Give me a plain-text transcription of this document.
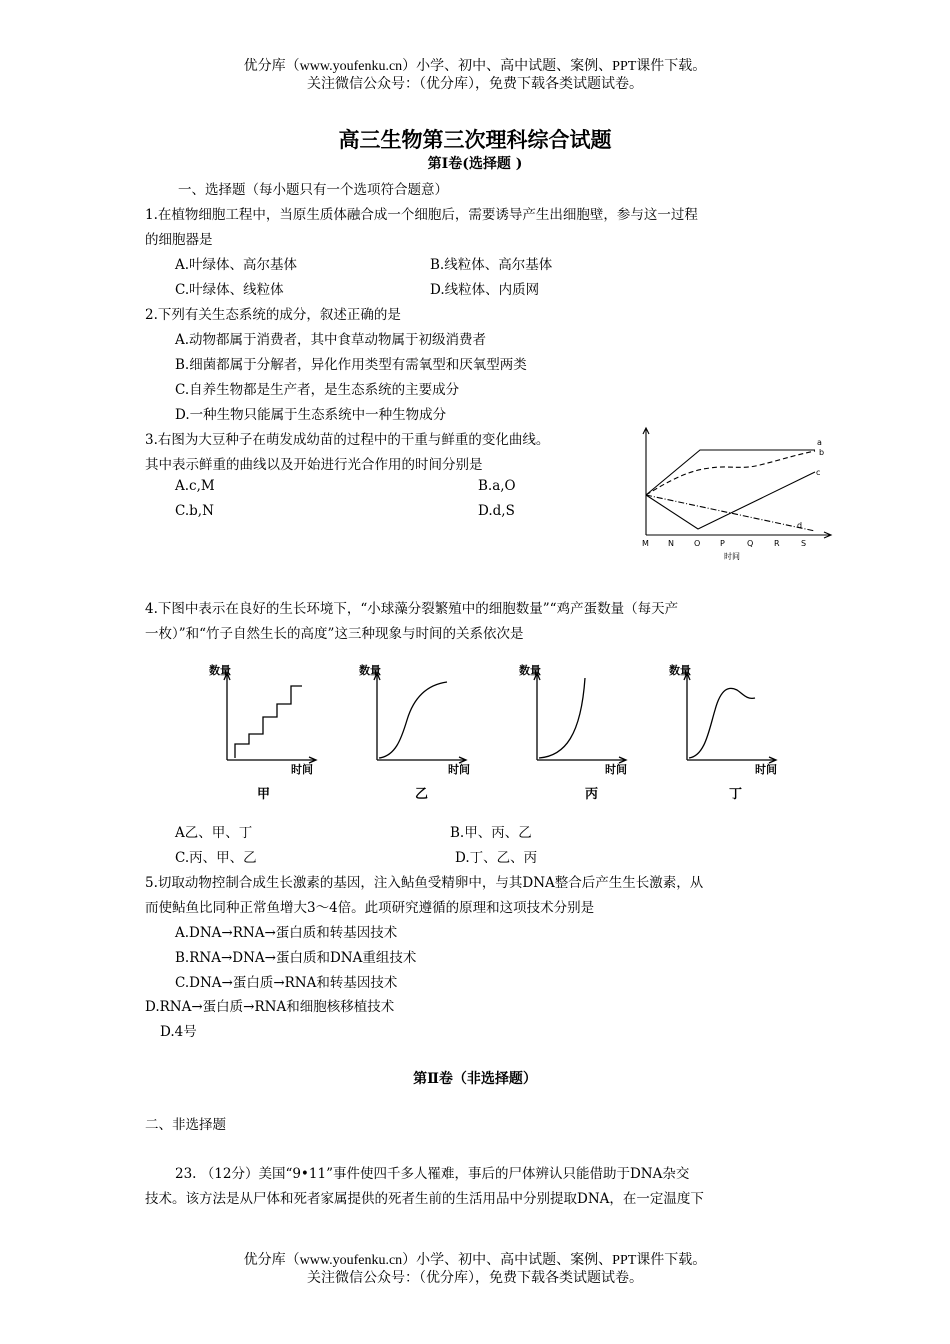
优分库（www.youfenku.cn）小学、初中、高中试题、案例、PPT课件下载。
关注微信公众号：（优分库），免费下载各类试题试卷。
高三生物第三次理科综合试题
第Ⅰ卷(选择题 )
一、选择题（每小题只有一个选项符合题意）
1.在植物细胞工程中，当原生质体融合成一个细胞后，需要诱导产生出细胞壁，参与这一过程
的细胞器是
A.叶绿体、高尔基体	B.线粒体、高尔基体
C.叶绿体、线粒体	D.线粒体、内质网
2.下列有关生态系统的成分，叙述正确的是
A.动物都属于消费者，其中食草动物属于初级消费者
B.细菌都属于分解者，异化作用类型有需氧型和厌氧型两类
C.自养生物都是生产者，是生态系统的主要成分
D.一种生物只能属于生态系统中一种生物成分
3.右图为大豆种子在萌发成幼苗的过程中的干重与鲜重的变化曲线。
其中表示鲜重的曲线以及开始进行光合作用的时间分别是
A.c,M	B.a,O
C.b,N	D.d,S
a
b
c
d
M N	O P	Q	R	S
时间
4.下图中表示在良好的生长环境下，“小球藻分裂繁殖中的细胞数量”“鸡产蛋数量（每天产
一枚）”和“竹子自然生长的高度”这三种现象与时间的关系依次是
数量
时间
甲
数量
时间
乙
数量
时间
丙
数量
时间
丁
A乙、甲、丁	B.甲、丙、乙
C.丙、甲、乙	D.丁、乙、丙
5.切取动物控制合成生长激素的基因，注入鲇鱼受精卵中，与其DNA整合后产生生长激素，从
而使鲇鱼比同种正常鱼增大3～4倍。此项研究遵循的原理和这项技术分别是
A.DNA→RNA→蛋白质和转基因技术
B.RNA→DNA→蛋白质和DNA重组技术
C.DNA→蛋白质→RNA和转基因技术
D.RNA→蛋白质→RNA和细胞核移植技术
D.4号
第Ⅱ卷（非选择题）
二、非选择题
23. （12分）美国“9•11”事件使四千多人罹难，事后的尸体辨认只能借助于DNA杂交
技术。该方法是从尸体和死者家属提供的死者生前的生活用品中分别提取DNA，在一定温度下
优分库（www.youfenku.cn）小学、初中、高中试题、案例、PPT课件下载。
关注微信公众号：（优分库），免费下载各类试题试卷。
